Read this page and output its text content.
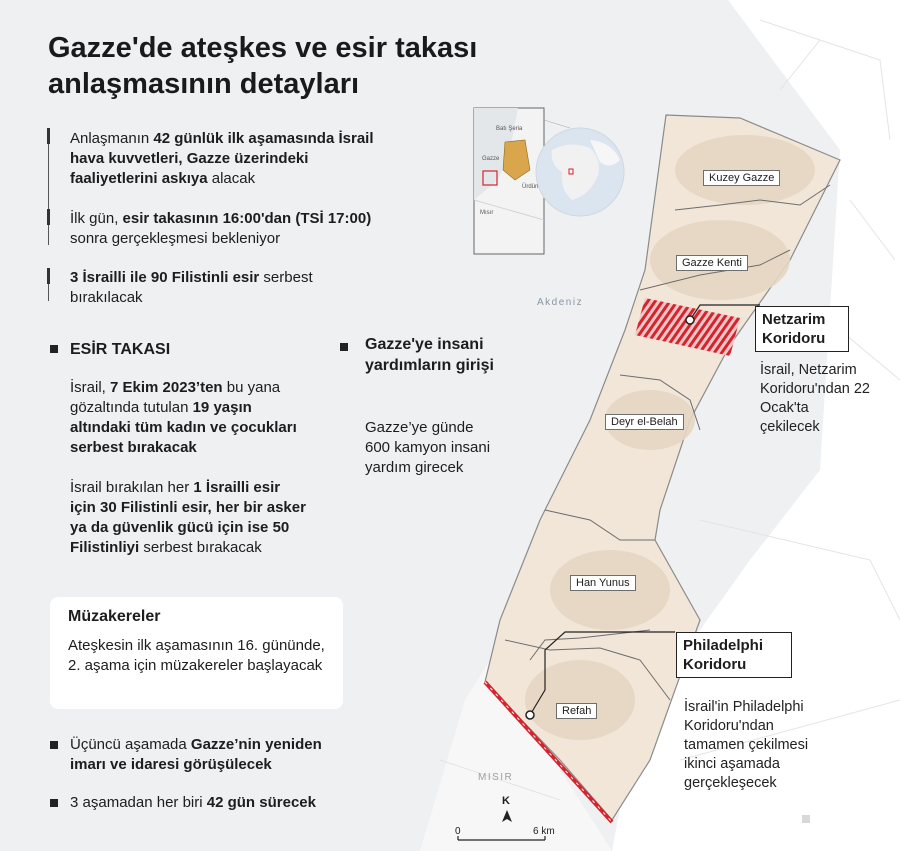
Gazze'de ateşkes ve esir takası
anlaşmasının detayları
Anlaşmanın 42 günlük ilk aşamasında İsrail hava kuvvetleri, Gazze üzerindeki faaliyetlerini askıya alacak
İlk gün, esir takasının 16:00'dan (TSİ 17:00) sonra gerçekleşmesi bekleniyor
3 İsrailli ile 90 Filistinli esir serbest bırakılacak
ESİR TAKASI
İsrail, 7 Ekim 2023’ten bu yana gözaltında tutulan 19 yaşın altındaki tüm kadın ve çocukları serbest bırakacak
İsrail bırakılan her 1 İsrailli esir için 30 Filistinli esir, her bir asker ya da güvenlik gücü için ise 50 Filistinliyi serbest bırakacak
Gazze'ye insani yardımların girişi
Gazze’ye günde 600 kamyon insani yardım girecek
Müzakereler
Ateşkesin ilk aşamasının 16. gününde, 2. aşama için müzakereler başlayacak
Üçüncü aşamada Gazze’nin yeniden imarı ve idaresi görüşülecek
3 aşamadan her biri 42 gün sürecek
Kuzey Gazze
Gazze Kenti
Deyr el-Belah
Han Yunus
Refah
Akdeniz
MISIR
K
0	6 km
Batı Şeria
Gazze
Ürdün
Mısır
Netzarim Koridoru
İsrail, Netzarim Koridoru'ndan 22 Ocak'ta çekilecek
Philadelphi Koridoru
İsrail'in Philadelphi Koridoru'ndan tamamen çekilmesi ikinci aşamada gerçekleşecek
